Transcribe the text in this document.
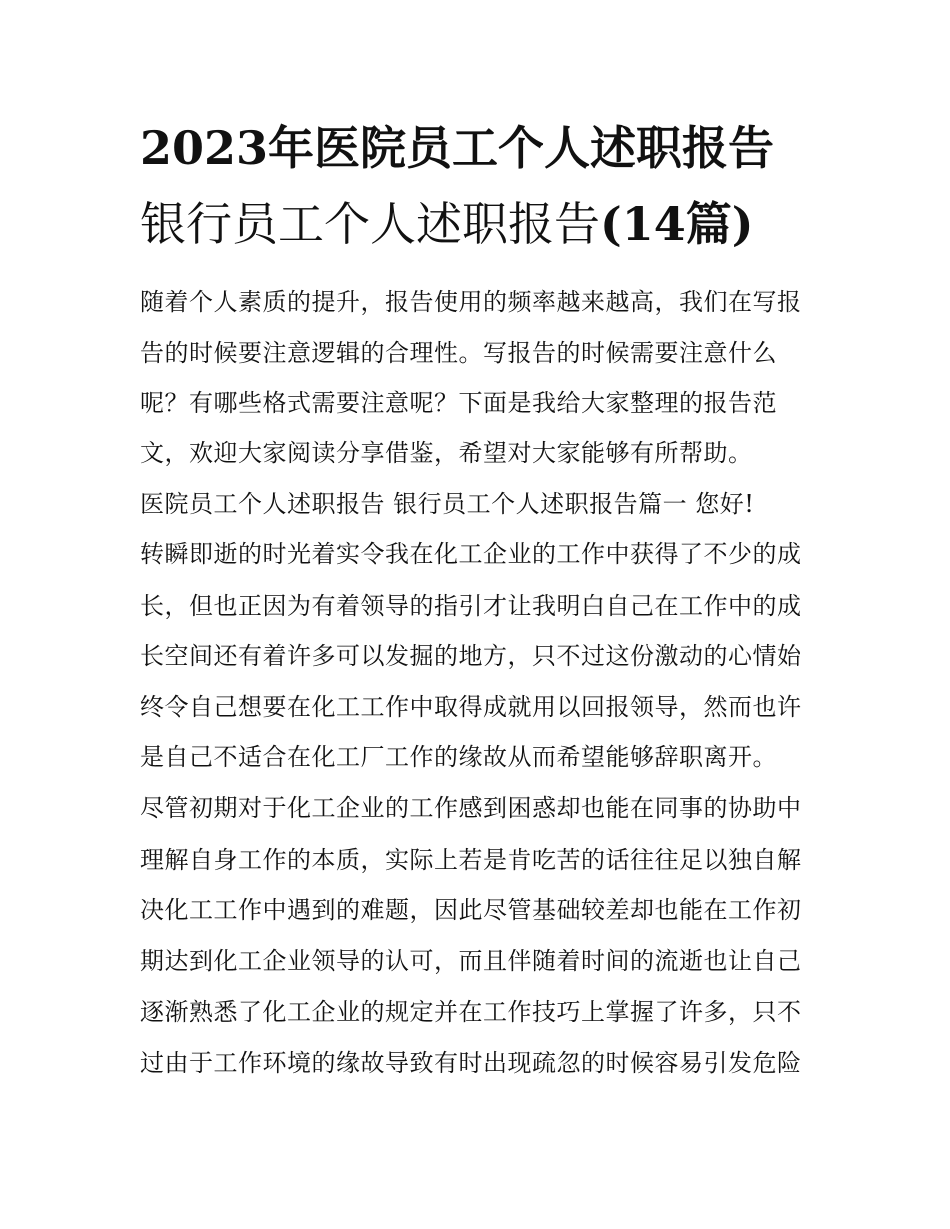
2023年医院员工个人述职报告
银行员工个人述职报告(14篇)
随着个人素质的提升，报告使用的频率越来越高，我们在写报
告的时候要注意逻辑的合理性。写报告的时候需要注意什么
呢？有哪些格式需要注意呢？下面是我给大家整理的报告范
文，欢迎大家阅读分享借鉴，希望对大家能够有所帮助。
医院员工个人述职报告 银行员工个人述职报告篇一 您好!
转瞬即逝的时光着实令我在化工企业的工作中获得了不少的成
长，但也正因为有着领导的指引才让我明白自己在工作中的成
长空间还有着许多可以发掘的地方，只不过这份激动的心情始
终令自己想要在化工工作中取得成就用以回报领导，然而也许
是自己不适合在化工厂工作的缘故从而希望能够辞职离开。
尽管初期对于化工企业的工作感到困惑却也能在同事的协助中
理解自身工作的本质，实际上若是肯吃苦的话往往足以独自解
决化工工作中遇到的难题，因此尽管基础较差却也能在工作初
期达到化工企业领导的认可，而且伴随着时间的流逝也让自己
逐渐熟悉了化工企业的规定并在工作技巧上掌握了许多，只不
过由于工作环境的缘故导致有时出现疏忽的时候容易引发危险
